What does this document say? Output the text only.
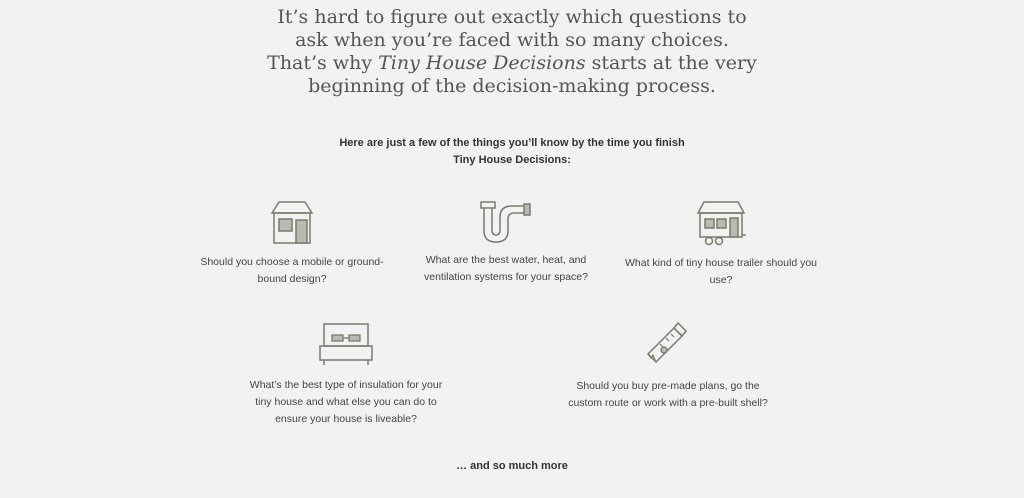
It’s hard to figure out exactly which questions to
ask when you’re faced with so many choices.
That’s why Tiny House Decisions starts at the very
beginning of the decision-making process.
Here are just a few of the things you’ll know by the time you finish Tiny House Decisions:

Should you choose a mobile or ground-bound design?

What are the best water, heat, and ventilation systems for your space?

What kind of tiny house trailer should you use?

What’s the best type of insulation for your tiny house and what else you can do to ensure your house is liveable?

Should you buy pre-made plans, go the custom route or work with a pre-built shell?

… and so much more
